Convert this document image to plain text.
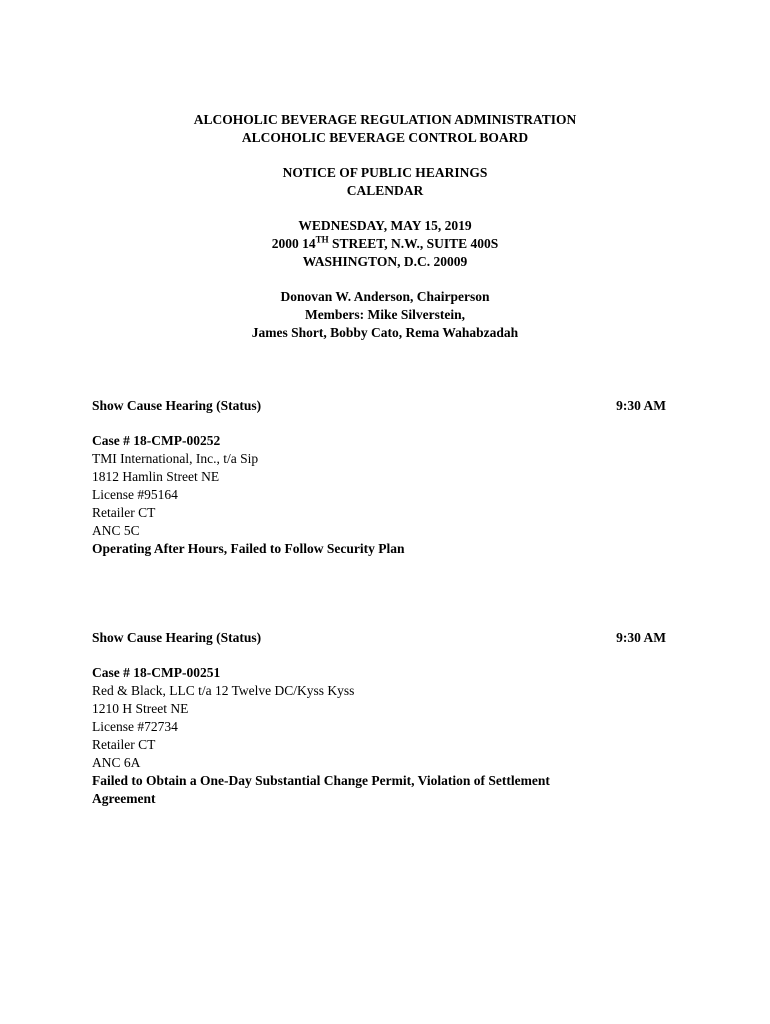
ALCOHOLIC BEVERAGE REGULATION ADMINISTRATION
ALCOHOLIC BEVERAGE CONTROL BOARD
NOTICE OF PUBLIC HEARINGS
CALENDAR
WEDNESDAY, MAY 15, 2019
2000 14TH STREET, N.W., SUITE 400S
WASHINGTON, D.C. 20009
Donovan W. Anderson, Chairperson
Members: Mike Silverstein,
James Short, Bobby Cato, Rema Wahabzadah
Show Cause Hearing (Status)	9:30 AM
Case # 18-CMP-00252
TMI International, Inc., t/a Sip
1812 Hamlin Street NE
License #95164
Retailer CT
ANC 5C
Operating After Hours, Failed to Follow Security Plan
Show Cause Hearing (Status)	9:30 AM
Case # 18-CMP-00251
Red & Black, LLC t/a 12 Twelve DC/Kyss Kyss
1210 H Street NE
License #72734
Retailer CT
ANC 6A
Failed to Obtain a One-Day Substantial Change Permit, Violation of Settlement Agreement
